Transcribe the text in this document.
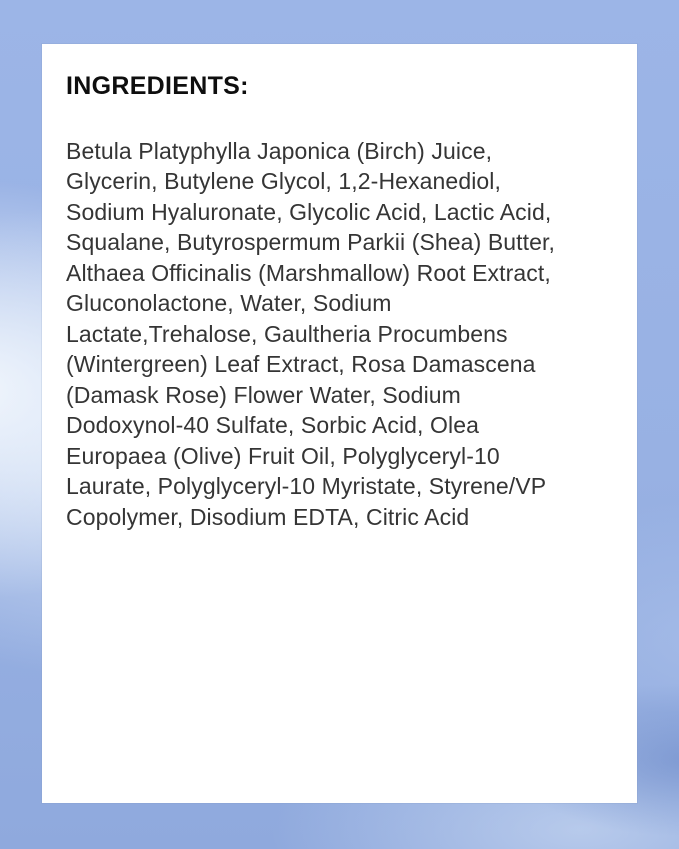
INGREDIENTS:
Betula Platyphylla Japonica (Birch) Juice,
Glycerin, Butylene Glycol, 1,2-Hexanediol,
Sodium Hyaluronate, Glycolic Acid, Lactic Acid,
Squalane, Butyrospermum Parkii (Shea) Butter,
Althaea Officinalis (Marshmallow) Root Extract,
Gluconolactone, Water, Sodium
Lactate,Trehalose, Gaultheria Procumbens
(Wintergreen) Leaf Extract, Rosa Damascena
(Damask Rose) Flower Water, Sodium
Dodoxynol-40 Sulfate, Sorbic Acid, Olea
Europaea (Olive) Fruit Oil, Polyglyceryl-10
Laurate, Polyglyceryl-10 Myristate, Styrene/VP
Copolymer, Disodium EDTA, Citric Acid
